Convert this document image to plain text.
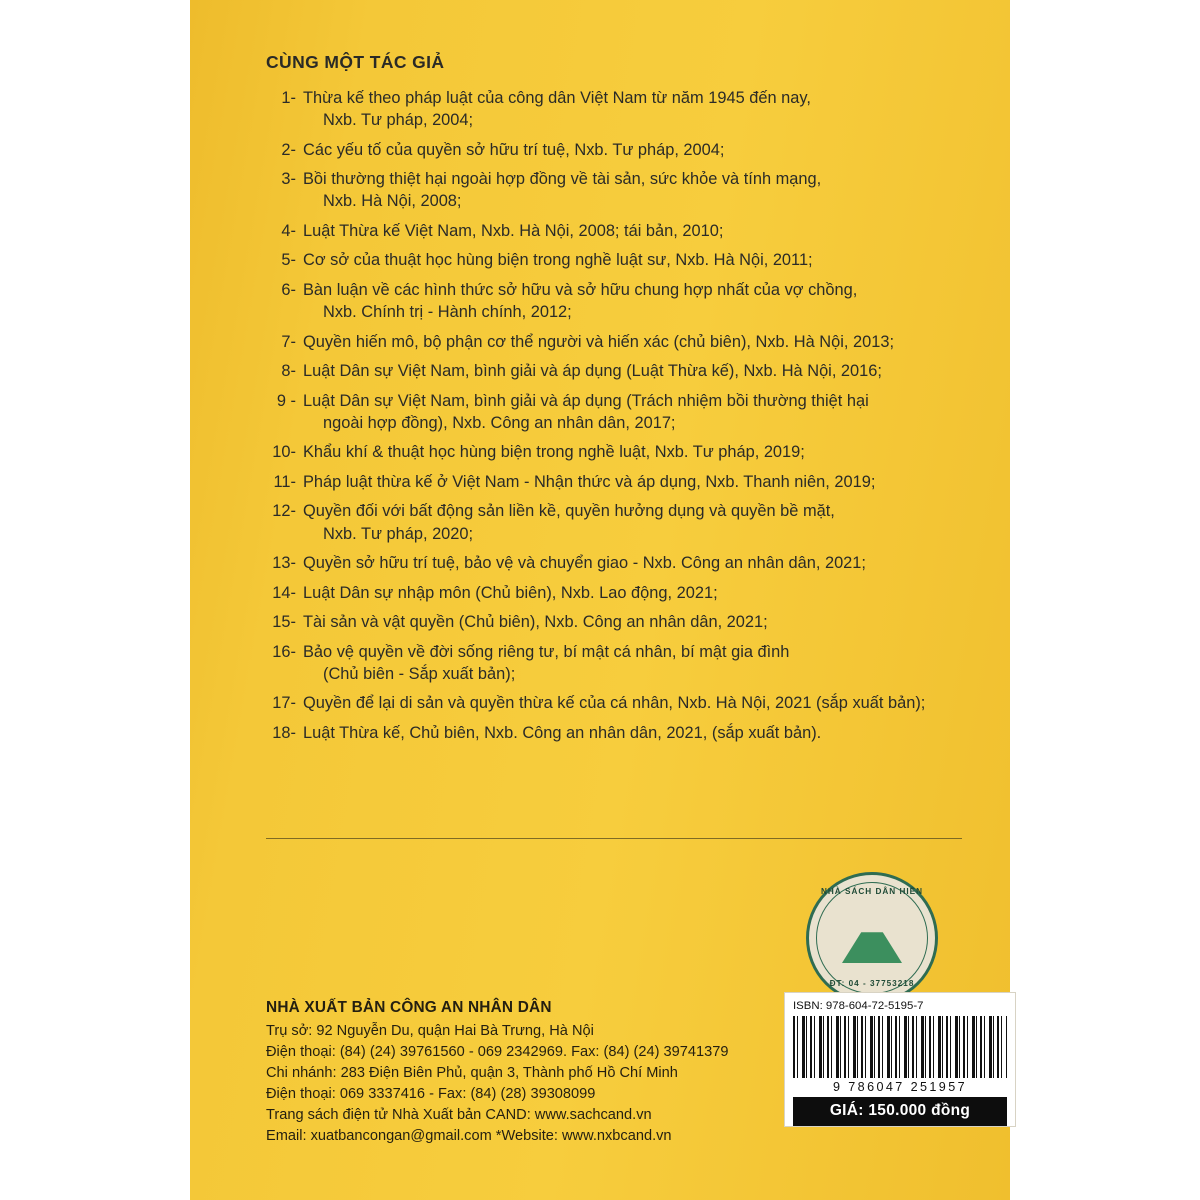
CÙNG MỘT TÁC GIẢ
1- Thừa kế theo pháp luật của công dân Việt Nam từ năm 1945 đến nay,
Nxb. Tư pháp, 2004;
2- Các yếu tố của quyền sở hữu trí tuệ, Nxb. Tư pháp, 2004;
3- Bồi thường thiệt hại ngoài hợp đồng về tài sản, sức khỏe và tính mạng,
Nxb. Hà Nội, 2008;
4- Luật Thừa kế Việt Nam, Nxb. Hà Nội, 2008; tái bản, 2010;
5- Cơ sở của thuật học hùng biện trong nghề luật sư, Nxb. Hà Nội, 2011;
6- Bàn luận về các hình thức sở hữu và sở hữu chung hợp nhất của vợ chồng,
Nxb. Chính trị - Hành chính, 2012;
7- Quyền hiến mô, bộ phận cơ thể người và hiến xác (chủ biên), Nxb. Hà Nội, 2013;
8- Luật Dân sự Việt Nam, bình giải và áp dụng (Luật Thừa kế), Nxb. Hà Nội, 2016;
9 - Luật Dân sự Việt Nam, bình giải và áp dụng (Trách nhiệm bồi thường thiệt hại
ngoài hợp đồng), Nxb. Công an nhân dân, 2017;
10- Khẩu khí & thuật học hùng biện trong nghề luật, Nxb. Tư pháp, 2019;
11- Pháp luật thừa kế ở Việt Nam - Nhận thức và áp dụng, Nxb. Thanh niên, 2019;
12- Quyền đối với bất động sản liền kề, quyền hưởng dụng và quyền bề mặt,
Nxb. Tư pháp, 2020;
13- Quyền sở hữu trí tuệ, bảo vệ và chuyển giao - Nxb. Công an nhân dân, 2021;
14- Luật Dân sự nhập môn (Chủ biên), Nxb. Lao động, 2021;
15- Tài sản và vật quyền (Chủ biên), Nxb. Công an nhân dân, 2021;
16- Bảo vệ quyền về đời sống riêng tư, bí mật cá nhân, bí mật gia đình
(Chủ biên - Sắp xuất bản);
17- Quyền để lại di sản và quyền thừa kế của cá nhân, Nxb. Hà Nội, 2021 (sắp xuất bản);
18- Luật Thừa kế, Chủ biên, Nxb. Công an nhân dân, 2021, (sắp xuất bản).
NHÀ SÁCH DÂN HIỀN
ĐT: 04 - 37753218
NHÀ XUẤT BẢN CÔNG AN NHÂN DÂN
Trụ sở: 92 Nguyễn Du, quận Hai Bà Trưng, Hà Nội
Điện thoại: (84) (24) 39761560 - 069 2342969. Fax: (84) (24) 39741379
Chi nhánh: 283 Điện Biên Phủ, quận 3, Thành phố Hồ Chí Minh
Điện thoại: 069 3337416 - Fax: (84) (28) 39308099
Trang sách điện tử Nhà Xuất bản CAND: www.sachcand.vn
Email: xuatbancongan@gmail.com *Website: www.nxbcand.vn
ISBN: 978-604-72-5195-7
9 786047 251957
GIÁ: 150.000 đồng
